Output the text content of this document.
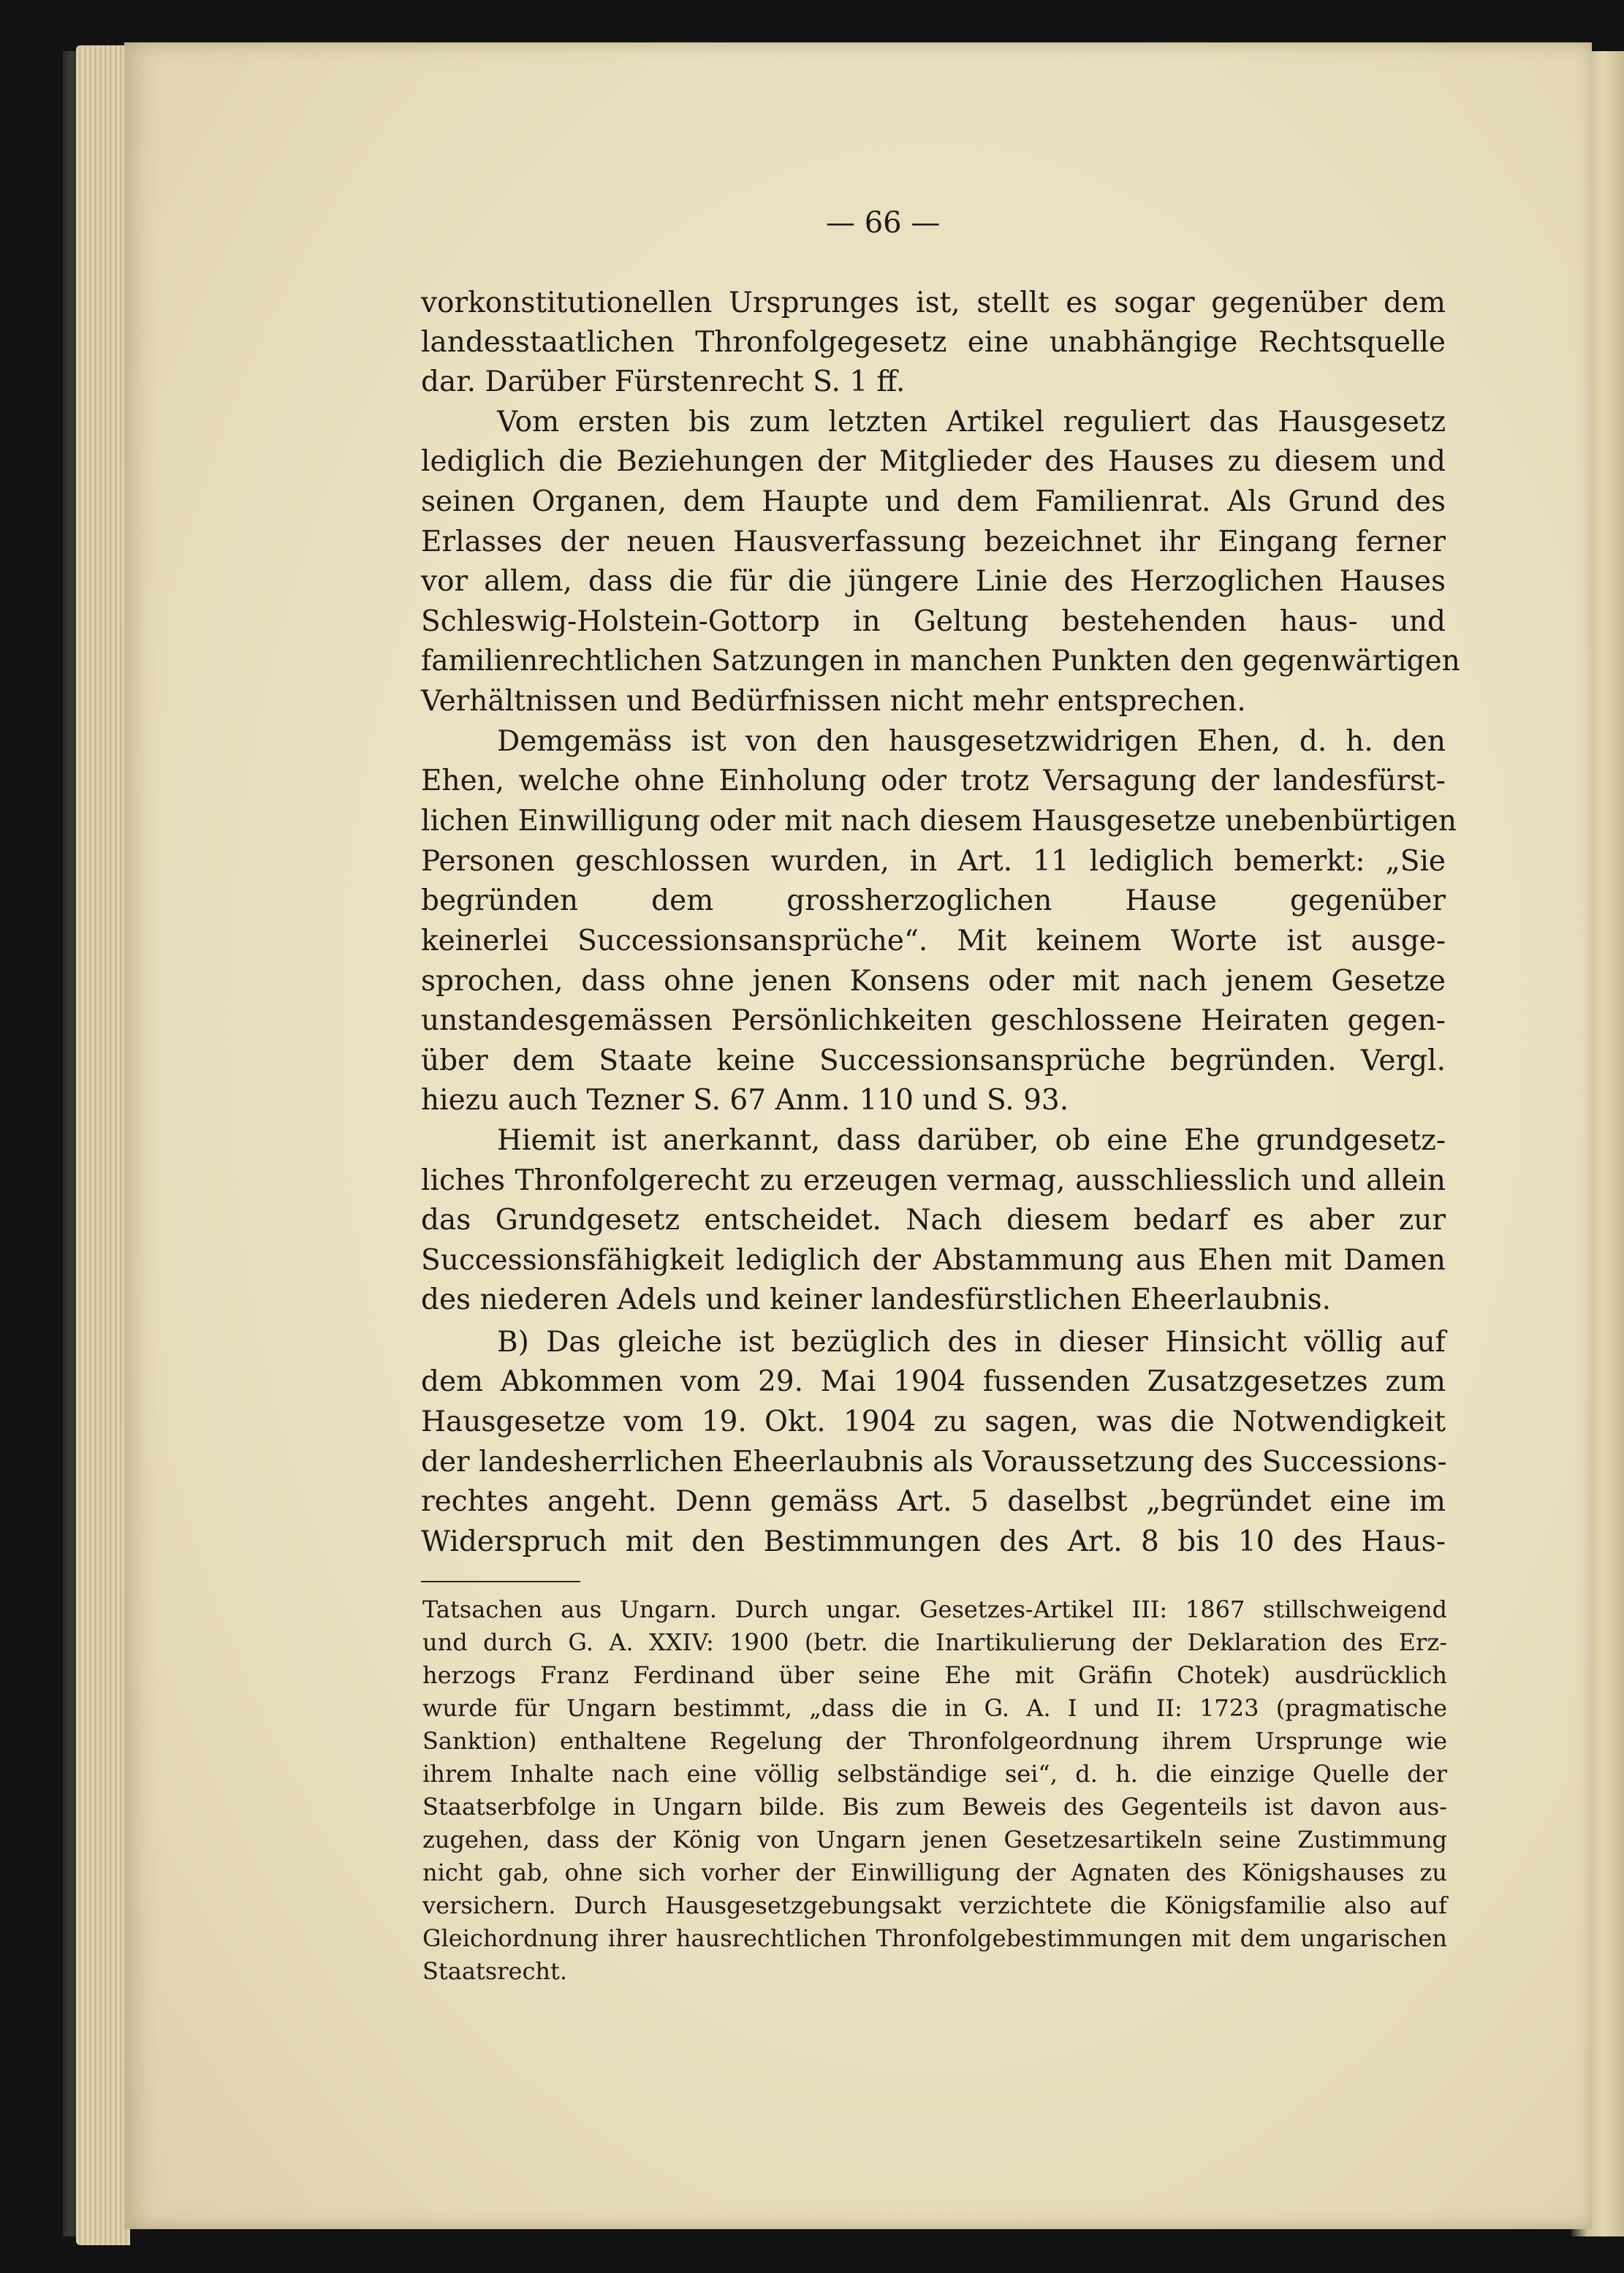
— 66 —
vorkonstitutionellen Ursprunges ist, stellt es sogar gegenüber dem
landesstaatlichen Thronfolgegesetz eine unabhängige Rechtsquelle
dar. Darüber Fürstenrecht S. 1 ff.
Vom ersten bis zum letzten Artikel reguliert das Hausgesetz
lediglich die Beziehungen der Mitglieder des Hauses zu diesem und
seinen Organen, dem Haupte und dem Familienrat. Als Grund des
Erlasses der neuen Hausverfassung bezeichnet ihr Eingang ferner
vor allem, dass die für die jüngere Linie des Herzoglichen Hauses
Schleswig-Holstein-Gottorp in Geltung bestehenden haus- und
familienrechtlichen Satzungen in manchen Punkten den gegenwärtigen
Verhältnissen und Bedürfnissen nicht mehr entsprechen.
Demgemäss ist von den hausgesetzwidrigen Ehen, d. h. den
Ehen, welche ohne Einholung oder trotz Versagung der landesfürst-
lichen Einwilligung oder mit nach diesem Hausgesetze unebenbürtigen
Personen geschlossen wurden, in Art. 11 lediglich bemerkt: „Sie
begründen dem grossherzoglichen Hause gegenüber
keinerlei Successionsansprüche“. Mit keinem Worte ist ausge-
sprochen, dass ohne jenen Konsens oder mit nach jenem Gesetze
unstandesgemässen Persönlichkeiten geschlossene Heiraten gegen-
über dem Staate keine Successionsansprüche begründen. Vergl.
hiezu auch Tezner S. 67 Anm. 110 und S. 93.
Hiemit ist anerkannt, dass darüber, ob eine Ehe grundgesetz-
liches Thronfolgerecht zu erzeugen vermag, ausschliesslich und allein
das Grundgesetz entscheidet. Nach diesem bedarf es aber zur
Successionsfähigkeit lediglich der Abstammung aus Ehen mit Damen
des niederen Adels und keiner landesfürstlichen Eheerlaubnis.
B) Das gleiche ist bezüglich des in dieser Hinsicht völlig auf
dem Abkommen vom 29. Mai 1904 fussenden Zusatzgesetzes zum
Hausgesetze vom 19. Okt. 1904 zu sagen, was die Notwendigkeit
der landesherrlichen Eheerlaubnis als Voraussetzung des Successions-
rechtes angeht. Denn gemäss Art. 5 daselbst „begründet eine im
Widerspruch mit den Bestimmungen des Art. 8 bis 10 des Haus-
Tatsachen aus Ungarn. Durch ungar. Gesetzes-Artikel III: 1867 stillschweigend
und durch G. A. XXIV: 1900 (betr. die Inartikulierung der Deklaration des Erz-
herzogs Franz Ferdinand über seine Ehe mit Gräfin Chotek) ausdrücklich
wurde für Ungarn bestimmt, „dass die in G. A. I und II: 1723 (pragmatische
Sanktion) enthaltene Regelung der Thronfolgeordnung ihrem Ursprunge wie
ihrem Inhalte nach eine völlig selbständige sei“, d. h. die einzige Quelle der
Staatserbfolge in Ungarn bilde. Bis zum Beweis des Gegenteils ist davon aus-
zugehen, dass der König von Ungarn jenen Gesetzesartikeln seine Zustimmung
nicht gab, ohne sich vorher der Einwilligung der Agnaten des Königshauses zu
versichern. Durch Hausgesetzgebungsakt verzichtete die Königsfamilie also auf
Gleichordnung ihrer hausrechtlichen Thronfolgebestimmungen mit dem ungarischen
Staatsrecht.
